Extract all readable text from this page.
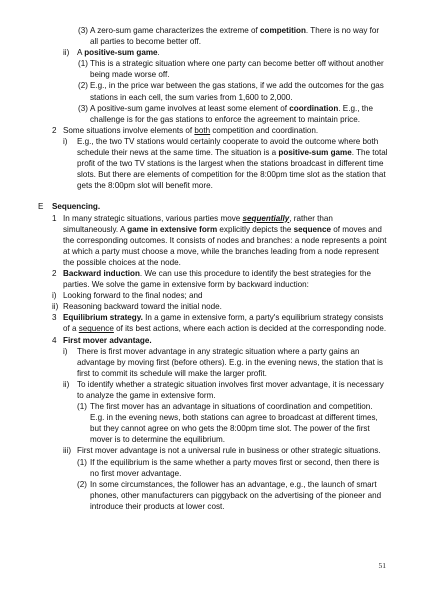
(3) A zero-sum game characterizes the extreme of competition. There is no way for all parties to become better off.
ii) A positive-sum game.
(1) This is a strategic situation where one party can become better off without another being made worse off.
(2) E.g., in the price war between the gas stations, if we add the outcomes for the gas stations in each cell, the sum varies from 1,600 to 2,000.
(3) A positive-sum game involves at least some element of coordination. E.g., the challenge is for the gas stations to enforce the agreement to maintain price.
2 Some situations involve elements of both competition and coordination.
i)	E.g., the two TV stations would certainly cooperate to avoid the outcome where both schedule their news at the same time. The situation is a positive-sum game. The total profit of the two TV stations is the largest when the stations broadcast in different time slots. But there are elements of competition for the 8:00pm time slot as the station that gets the 8:00pm slot will benefit more.
E	Sequencing.
1 In many strategic situations, various parties move sequentially, rather than simultaneously. A game in extensive form explicitly depicts the sequence of moves and the corresponding outcomes. It consists of nodes and branches: a node represents a point at which a party must choose a move, while the branches leading from a node represent the possible choices at the node.
2 Backward induction. We can use this procedure to identify the best strategies for the parties. We solve the game in extensive form by backward induction:
i) Looking forward to the final nodes; and
ii) Reasoning backward toward the initial node.
3 Equilibrium strategy. In a game in extensive form, a party's equilibrium strategy consists of a sequence of its best actions, where each action is decided at the corresponding node.
4 First mover advantage.
i)	There is first mover advantage in any strategic situation where a party gains an advantage by moving first (before others). E.g. in the evening news, the station that is first to commit its schedule will make the larger profit.
ii) To identify whether a strategic situation involves first mover advantage, it is necessary to analyze the game in extensive form.
(1) The first mover has an advantage in situations of coordination and competition. E.g. in the evening news, both stations can agree to broadcast at different times, but they cannot agree on who gets the 8:00pm time slot. The power of the first mover is to determine the equilibrium.
iii) First mover advantage is not a universal rule in business or other strategic situations.
(1) If the equilibrium is the same whether a party moves first or second, then there is no first mover advantage.
(2) In some circumstances, the follower has an advantage, e.g., the launch of smart phones, other manufacturers can piggyback on the advertising of the pioneer and introduce their products at lower cost.
51
